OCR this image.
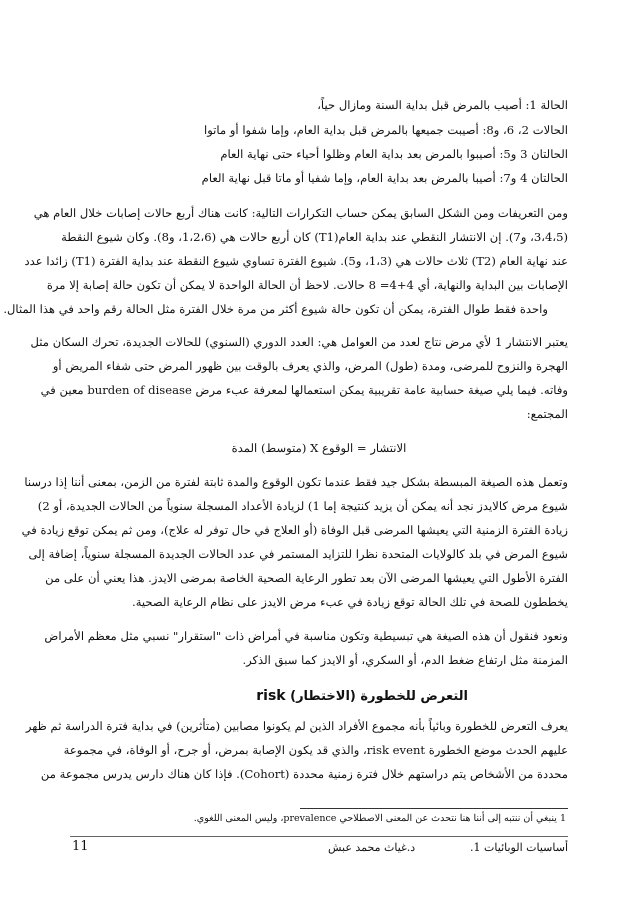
الحالة 1: أصيب بالمرض قبل بداية السنة ومازال حياً،
الحالات 2، 6، و8: أصيبت جميعها بالمرض قبل بداية العام، وإما شفوا أو ماتوا
الحالتان 3 و5: أصيبوا بالمرض بعد بداية العام وظلوا أحياء حتى نهاية العام
الحالتان 4 و7: أصيبا بالمرض بعد بداية العام، وإما شفيا أو ماتا قبل نهاية العام
ومن التعريفات ومن الشكل السابق يمكن حساب التكرارات التالية: كانت هناك أربع حالات إصابات خلال العام هي
(3،4،5، و7). إن الانتشار النقطي عند بداية العام(T1) كان أربع حالات هي (1،2،6، و8). وكان شيوع النقطة
عند نهاية العام (T2) ثلاث حالات هي (1،3، و5). شيوع الفترة تساوي شيوع النقطة عند بداية الفترة (T1) زائدا عدد
الإصابات بين البداية والنهاية، أي 4+4= 8 حالات. لاحظ أن الحالة الواحدة لا يمكن أن تكون حالة إصابة إلا مرة
واحدة فقط طوال الفترة، يمكن أن تكون حالة شيوع أكثر من مرة خلال الفترة مثل الحالة رقم واحد في هذا المثال.
يعتبر الانتشار 1 لأي مرض نتاج لعدد من العوامل هي: العدد الدوري (السنوي) للحالات الجديدة، تحرك السكان مثل
الهجرة والنزوح للمرضى، ومدة (طول) المرض، والذي يعرف بالوقت بين ظهور المرض حتى شفاء المريض أو
وفاته. فيما يلي صيغة حسابية عامة تقريبية يمكن استعمالها لمعرفة عبء مرض burden of disease معين في
المجتمع:
الانتشار = الوقوع X (متوسط) المدة
وتعمل هذه الصيغة المبسطة بشكل جيد فقط عندما تكون الوقوع والمدة ثابتة لفترة من الزمن، بمعنى أننا إذا درسنا
شيوع مرض كالايدز نجد أنه يمكن أن يزيد كنتيجة إما 1) لزيادة الأعداد المسجلة سنوياً من الحالات الجديدة، أو 2)
زيادة الفترة الزمنية التي يعيشها المرضى قبل الوفاة (أو العلاج في حال توفر له علاج)، ومن ثم يمكن توقع زيادة في
شيوع المرض في بلد كالولايات المتحدة نظرا للتزايد المستمر في عدد الحالات الجديدة المسجلة سنوياً، إضافة إلى
الفترة الأطول التي يعيشها المرضى الآن بعد تطور الرعاية الصحية الخاصة بمرضى الايدز. هذا يعني أن على من
يخططون للصحة في تلك الحالة توقع زيادة في عبء مرض الايدز على نظام الرعاية الصحية.
ونعود فنقول أن هذه الصيغة هي تبسيطية وتكون مناسبة في أمراض ذات "استقرار" نسبي مثل معظم الأمراض
المزمنة مثل ارتفاع ضغط الدم، أو السكري، أو الايدز كما سبق الذكر.
التعرض للخطورة (الاختطار) risk
يعرف التعرض للخطورة وبائياً بأنه مجموع الأفراد الذين لم يكونوا مصابين (متأثرين) في بداية فترة الدراسة ثم ظهر
عليهم الحدث موضع الخطورة risk event، والذي قد يكون الإصابة بمرض، أو جرح، أو الوفاة، في مجموعة
محددة من الأشخاص يتم دراستهم خلال فترة زمنية محددة (Cohort). فإذا كان هناك دارس يدرس مجموعة من
1 ينبغي أن ننتبه إلى أننا هنا نتحدث عن المعنى الاصطلاحي prevalence، وليس المعنى اللغوي.
11	د.غياث محمد عبش	أساسيات الوبائيات 1.
